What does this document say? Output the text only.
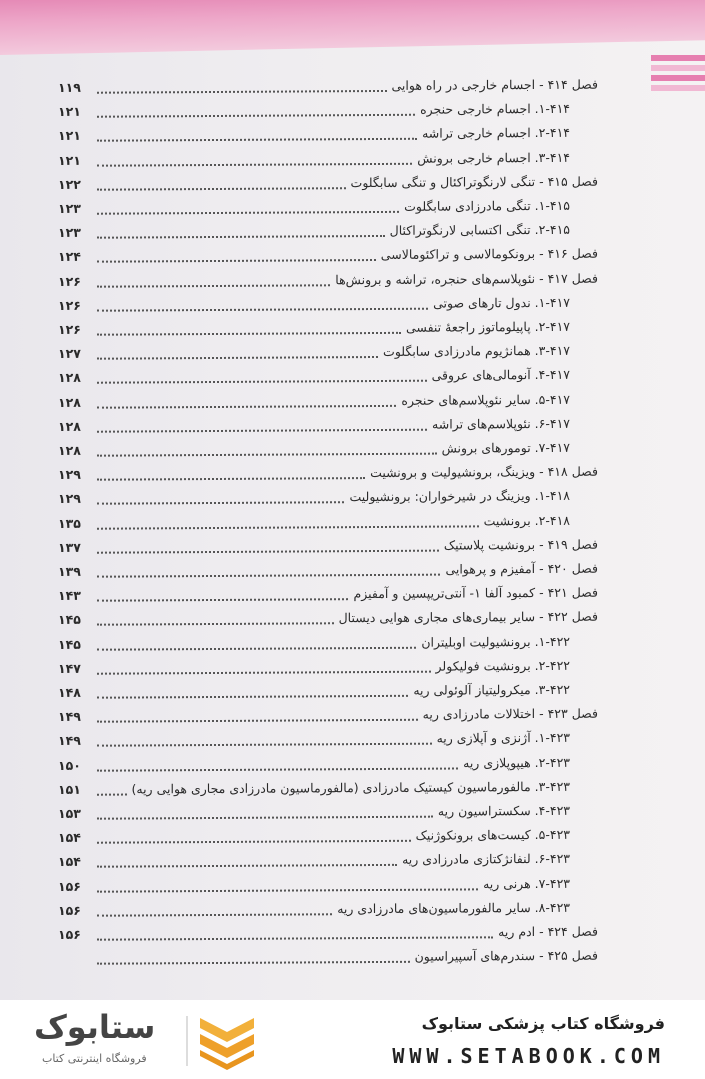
فصل ۴۱۴ - اجسام خارجی در راه هوایی
۱۱۹
۱-۴۱۴. اجسام خارجی حنجره
۱۲۱
۲-۴۱۴. اجسام خارجی تراشه
۱۲۱
۳-۴۱۴. اجسام خارجی برونش
۱۲۱
فصل ۴۱۵ - تنگی لارنگوتراکئال و تنگی سابگلوت
۱۲۲
۱-۴۱۵. تنگی مادرزادی سابگلوت
۱۲۳
۲-۴۱۵. تنگی اکتسابی لارنگوتراکئال
۱۲۳
فصل ۴۱۶ - برونکومالاسی و تراکئومالاسی
۱۲۴
فصل ۴۱۷ - نئوپلاسم‌های حنجره، تراشه و برونش‌ها
۱۲۶
۱-۴۱۷. ندول تارهای صوتی
۱۲۶
۲-۴۱۷. پاپیلوماتوز راجعهٔ تنفسی
۱۲۶
۳-۴۱۷. همانژیوم مادرزادی سابگلوت
۱۲۷
۴-۴۱۷. آنومالی‌های عروقی
۱۲۸
۵-۴۱۷. سایر نئوپلاسم‌های حنجره
۱۲۸
۶-۴۱۷. نئوپلاسم‌های تراشه
۱۲۸
۷-۴۱۷. تومورهای برونش
۱۲۸
فصل ۴۱۸ - ویزینگ، برونشیولیت و برونشیت
۱۲۹
۱-۴۱۸. ویزینگ در شیرخواران: برونشیولیت
۱۲۹
۲-۴۱۸. برونشیت
۱۳۵
فصل ۴۱۹ - برونشیت پلاستیک
۱۳۷
فصل ۴۲۰ - آمفیزم و پرهوایی
۱۳۹
فصل ۴۲۱ - کمبود آلفا ۱- آنتی‌تریپسین و آمفیزم
۱۴۳
فصل ۴۲۲ - سایر بیماری‌های مجاری هوایی دیستال
۱۴۵
۱-۴۲۲. برونشیولیت اوبلیتران
۱۴۵
۲-۴۲۲. برونشیت فولیکولر
۱۴۷
۳-۴۲۲. میکرولیتیاز آلوئولی ریه
۱۴۸
فصل ۴۲۳ - اختلالات مادرزادی ریه
۱۴۹
۱-۴۲۳. آژنزی و آپلازی ریه
۱۴۹
۲-۴۲۳. هیپوپلازی ریه
۱۵۰
۳-۴۲۳. مالفورماسیون کیستیک مادرزادی (مالفورماسیون مادرزادی مجاری هوایی ریه)
۱۵۱
۴-۴۲۳. سکستراسیون ریه
۱۵۳
۵-۴۲۳. کیست‌های برونکوژنیک
۱۵۴
۶-۴۲۳. لنفانژکتازی مادرزادی ریه
۱۵۴
۷-۴۲۳. هرنی ریه
۱۵۶
۸-۴۲۳. سایر مالفورماسیون‌های مادرزادی ریه
۱۵۶
فصل ۴۲۴ - ادم ریه
۱۵۶
فصل ۴۲۵ - سندرم‌های آسپیراسیون
ستابوک
فروشگاه اینترنتی کتاب
فروشگاه کتاب پزشکی ستابوک
WWW.SETABOOK.COM
